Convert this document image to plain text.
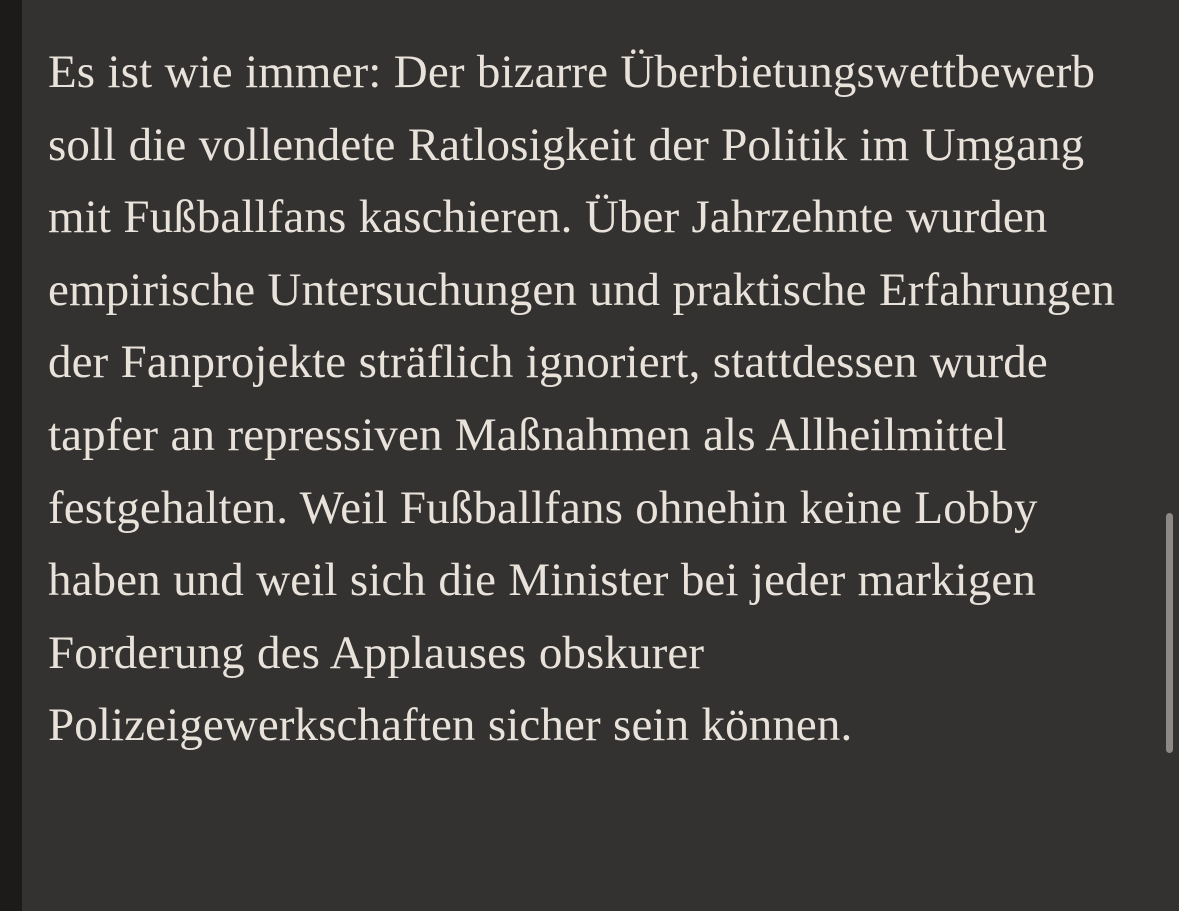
Es ist wie immer: Der bizarre Überbietungswettbewerb soll die vollendete Ratlosigkeit der Politik im Umgang mit Fußballfans kaschieren. Über Jahrzehnte wurden empirische Untersuchungen und praktische Erfahrungen der Fanprojekte sträflich ignoriert, stattdessen wurde tapfer an repressiven Maßnahmen als Allheilmittel festgehalten. Weil Fußballfans ohnehin keine Lobby haben und weil sich die Minister bei jeder markigen Forderung des Applauses obskurer Polizeigewerkschaften sicher sein können.
